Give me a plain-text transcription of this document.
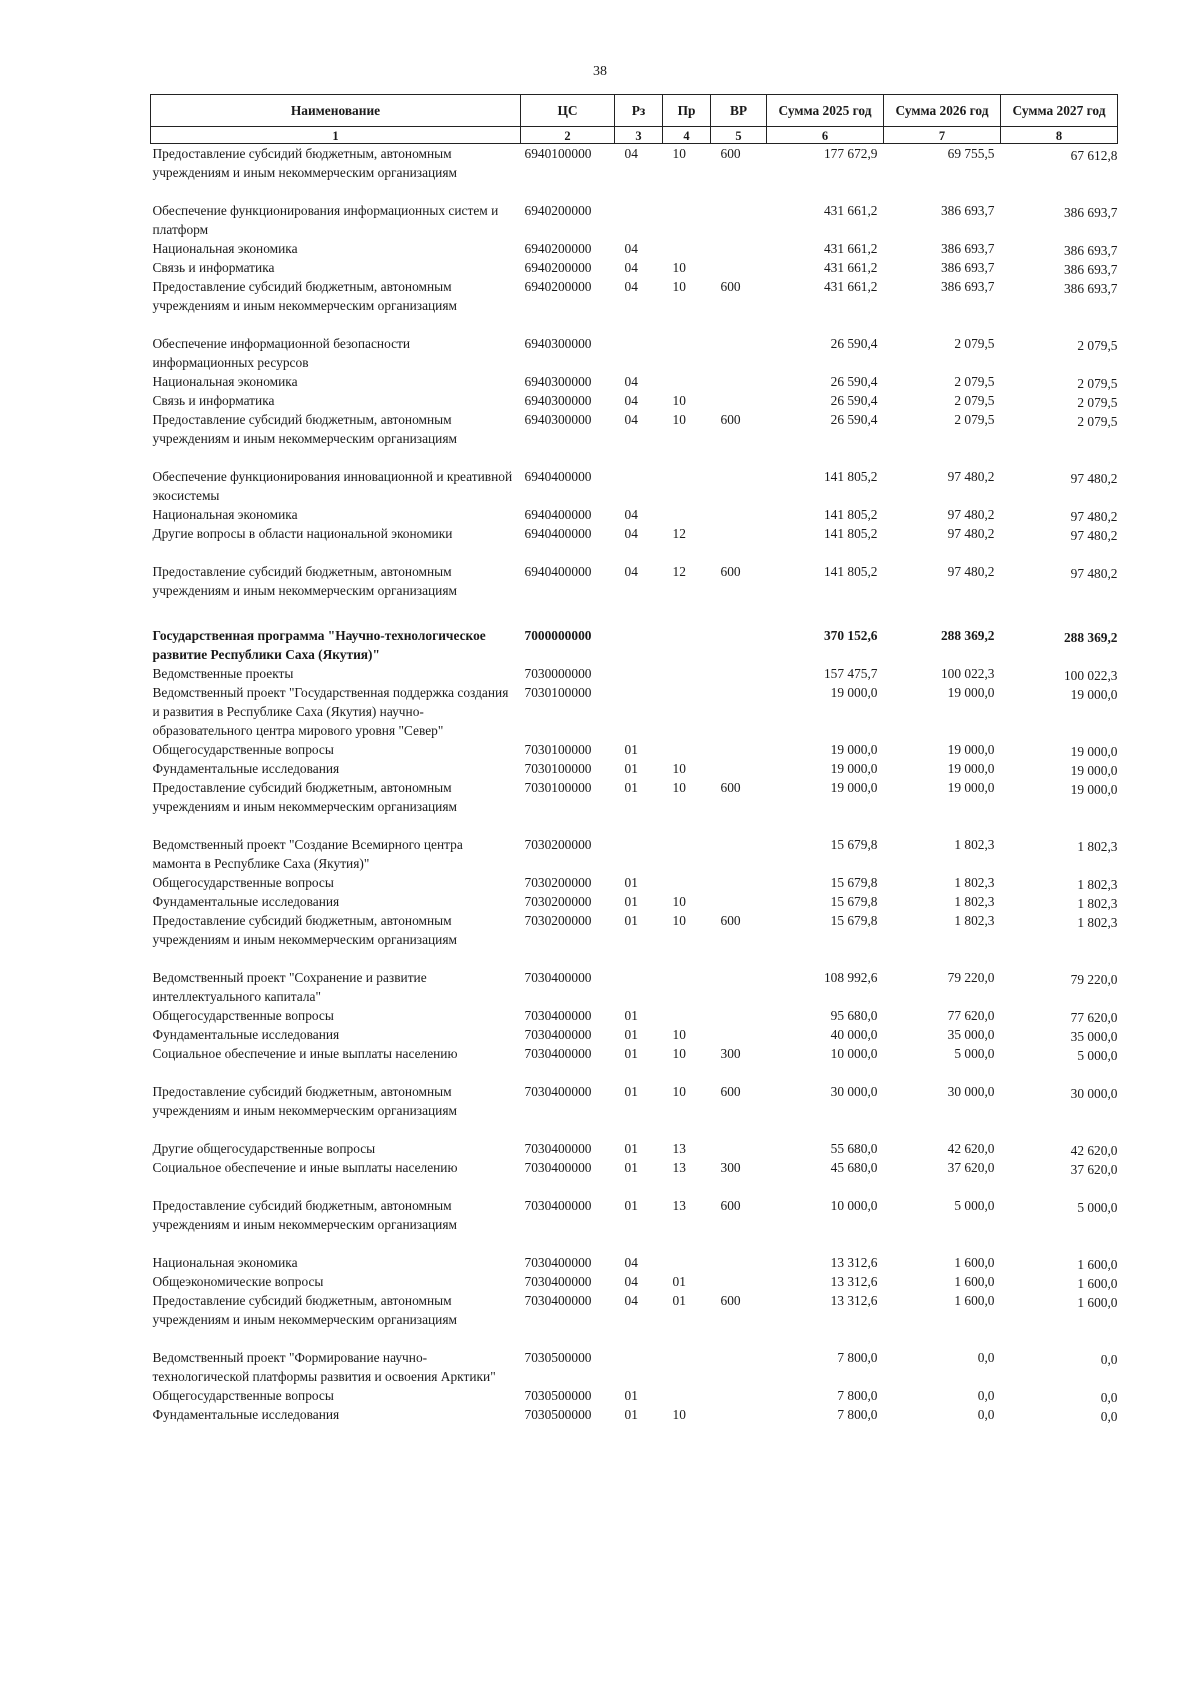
38
Наименование	ЦС	Рз	Пр	ВР	Сумма 2025 год	Сумма 2026 год	Сумма 2027 год
1	2	3	4	5	6	7	8
Предоставление субсидий бюджетным, автономным учреждениям и иным некоммерческим организациям	6940100000	04	10	600	177 672,9	69 755,5	67 612,8
Обеспечение функционирования информационных систем и платформ	6940200000				431 661,2	386 693,7	386 693,7
Национальная экономика	6940200000	04			431 661,2	386 693,7	386 693,7
Связь и информатика	6940200000	04	10		431 661,2	386 693,7	386 693,7
Предоставление субсидий бюджетным, автономным учреждениям и иным некоммерческим организациям	6940200000	04	10	600	431 661,2	386 693,7	386 693,7
Обеспечение информационной безопасности информационных ресурсов	6940300000				26 590,4	2 079,5	2 079,5
Национальная экономика	6940300000	04			26 590,4	2 079,5	2 079,5
Связь и информатика	6940300000	04	10		26 590,4	2 079,5	2 079,5
Предоставление субсидий бюджетным, автономным учреждениям и иным некоммерческим организациям	6940300000	04	10	600	26 590,4	2 079,5	2 079,5
Обеспечение функционирования инновационной и креативной экосистемы	6940400000				141 805,2	97 480,2	97 480,2
Национальная экономика	6940400000	04			141 805,2	97 480,2	97 480,2
Другие вопросы в области национальной экономики	6940400000	04	12		141 805,2	97 480,2	97 480,2
Предоставление субсидий бюджетным, автономным учреждениям и иным некоммерческим организациям	6940400000	04	12	600	141 805,2	97 480,2	97 480,2
Государственная программа "Научно-технологическое развитие Республики Саха (Якутия)"	7000000000				370 152,6	288 369,2	288 369,2
Ведомственные проекты	7030000000				157 475,7	100 022,3	100 022,3
Ведомственный проект "Государственная поддержка создания и развития в Республике Саха (Якутия) научно-образовательного центра мирового уровня "Север"	7030100000				19 000,0	19 000,0	19 000,0
Общегосударственные вопросы	7030100000	01			19 000,0	19 000,0	19 000,0
Фундаментальные исследования	7030100000	01	10		19 000,0	19 000,0	19 000,0
Предоставление субсидий бюджетным, автономным учреждениям и иным некоммерческим организациям	7030100000	01	10	600	19 000,0	19 000,0	19 000,0
Ведомственный проект "Создание Всемирного центра мамонта в Республике Саха (Якутия)"	7030200000				15 679,8	1 802,3	1 802,3
Общегосударственные вопросы	7030200000	01			15 679,8	1 802,3	1 802,3
Фундаментальные исследования	7030200000	01	10		15 679,8	1 802,3	1 802,3
Предоставление субсидий бюджетным, автономным учреждениям и иным некоммерческим организациям	7030200000	01	10	600	15 679,8	1 802,3	1 802,3
Ведомственный проект "Сохранение и развитие интеллектуального капитала"	7030400000				108 992,6	79 220,0	79 220,0
Общегосударственные вопросы	7030400000	01			95 680,0	77 620,0	77 620,0
Фундаментальные исследования	7030400000	01	10		40 000,0	35 000,0	35 000,0
Социальное обеспечение и иные выплаты населению	7030400000	01	10	300	10 000,0	5 000,0	5 000,0
Предоставление субсидий бюджетным, автономным учреждениям и иным некоммерческим организациям	7030400000	01	10	600	30 000,0	30 000,0	30 000,0
Другие общегосударственные вопросы	7030400000	01	13		55 680,0	42 620,0	42 620,0
Социальное обеспечение и иные выплаты населению	7030400000	01	13	300	45 680,0	37 620,0	37 620,0
Предоставление субсидий бюджетным, автономным учреждениям и иным некоммерческим организациям	7030400000	01	13	600	10 000,0	5 000,0	5 000,0
Национальная экономика	7030400000	04			13 312,6	1 600,0	1 600,0
Общеэкономические вопросы	7030400000	04	01		13 312,6	1 600,0	1 600,0
Предоставление субсидий бюджетным, автономным учреждениям и иным некоммерческим организациям	7030400000	04	01	600	13 312,6	1 600,0	1 600,0
Ведомственный проект "Формирование научно-технологической платформы развития и освоения Арктики"	7030500000				7 800,0	0,0	0,0
Общегосударственные вопросы	7030500000	01			7 800,0	0,0	0,0
Фундаментальные исследования	7030500000	01	10		7 800,0	0,0	0,0
